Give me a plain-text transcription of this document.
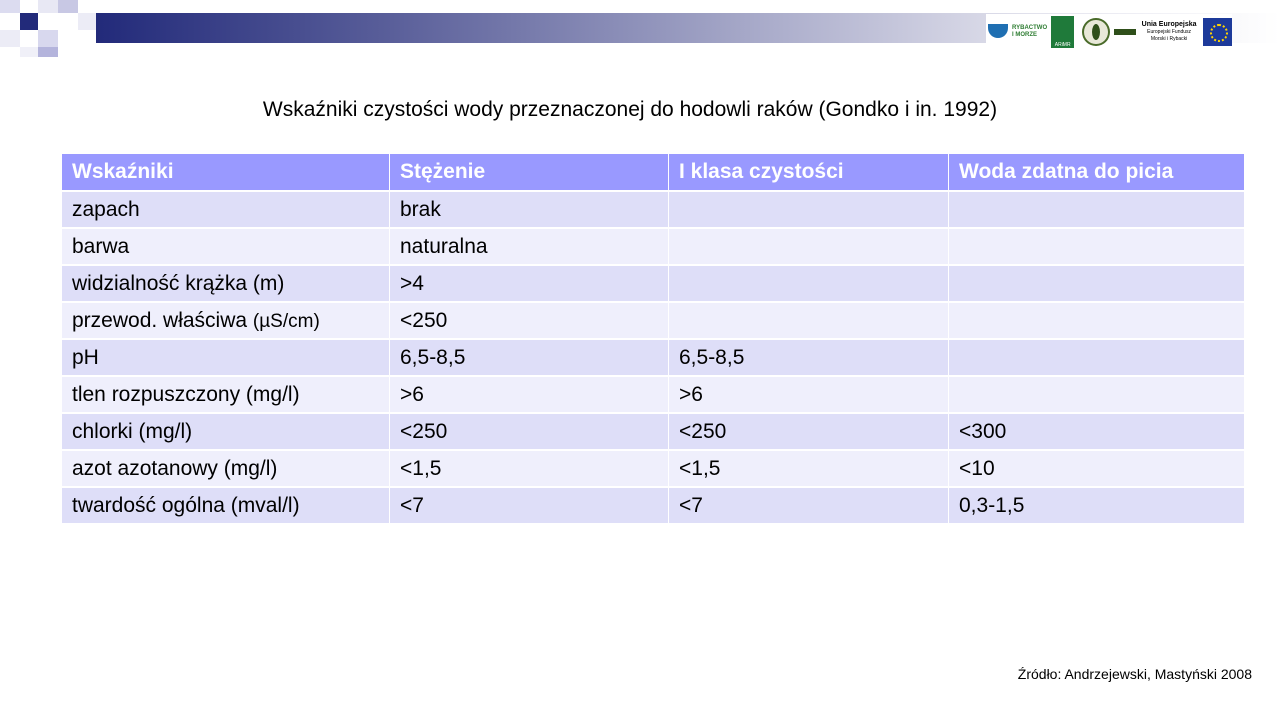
RYBACTWO I MORZE
ARiMR
Unia Europejska
Europejski Fundusz Morski i Rybacki
Wskaźniki czystości wody przeznaczonej do hodowli raków (Gondko i in. 1992)
Wskaźniki	Stężenie	I klasa czystości	Woda zdatna do picia
zapach	brak		
barwa	naturalna		
widzialność krążka (m)	>4		
przewod. właściwa (µS/cm)	<250		
pH	6,5-8,5	6,5-8,5	
tlen rozpuszczony (mg/l)	>6	>6	
chlorki (mg/l)	<250	<250	<300
azot azotanowy (mg/l)	<1,5	<1,5	<10
twardość ogólna (mval/l)	<7	<7	0,3-1,5
Źródło: Andrzejewski, Mastyński 2008
